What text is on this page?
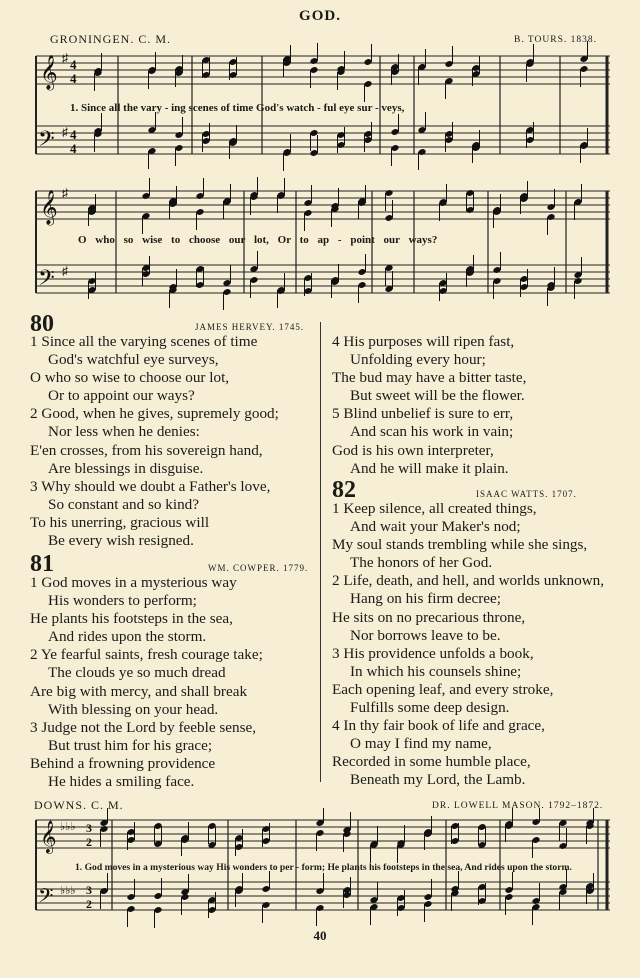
GOD.
GRONINGEN. C. M.	B. TOURS. 1838.
𝄞
𝄢
4
4
4
4
♯
♯
1. Since all the vary - ing scenes of time God's watch - ful eye sur - veys,
𝄞
𝄢
♯
♯
O who so wise to choose our lot, Or to ap - point our ways?
80	JAMES HERVEY. 1745.
1 Since all the varying scenes of time
God's watchful eye surveys,
O who so wise to choose our lot,
Or to appoint our ways?
2 Good, when he gives, supremely good;
Nor less when he denies:
E'en crosses, from his sovereign hand,
Are blessings in disguise.
3 Why should we doubt a Father's love,
So constant and so kind?
To his unerring, gracious will
Be every wish resigned.
81	WM. COWPER. 1779.
1 God moves in a mysterious way
His wonders to perform;
He plants his footsteps in the sea,
And rides upon the storm.
2 Ye fearful saints, fresh courage take;
The clouds ye so much dread
Are big with mercy, and shall break
With blessing on your head.
3 Judge not the Lord by feeble sense,
But trust him for his grace;
Behind a frowning providence
He hides a smiling face.
4 His purposes will ripen fast,
Unfolding every hour;
The bud may have a bitter taste,
But sweet will be the flower.
5 Blind unbelief is sure to err,
And scan his work in vain;
God is his own interpreter,
And he will make it plain.
82	ISAAC WATTS. 1707.
1 Keep silence, all created things,
And wait your Maker's nod;
My soul stands trembling while she sings,
The honors of her God.
2 Life, death, and hell, and worlds unknown,
Hang on his firm decree;
He sits on no precarious throne,
Nor borrows leave to be.
3 His providence unfolds a book,
In which his counsels shine;
Each opening leaf, and every stroke,
Fulfills some deep design.
4 In thy fair book of life and grace,
O may I find my name,
Recorded in some humble place,
Beneath my Lord, the Lamb.
DOWNS. C. M.	DR. LOWELL MASON. 1792–1872.
𝄞
𝄢
♭♭♭
♭♭♭
3
2
3
2
1. God moves in a mysterious way His wonders to per - form; He plants his footsteps in the sea, And rides upon the storm.
40
